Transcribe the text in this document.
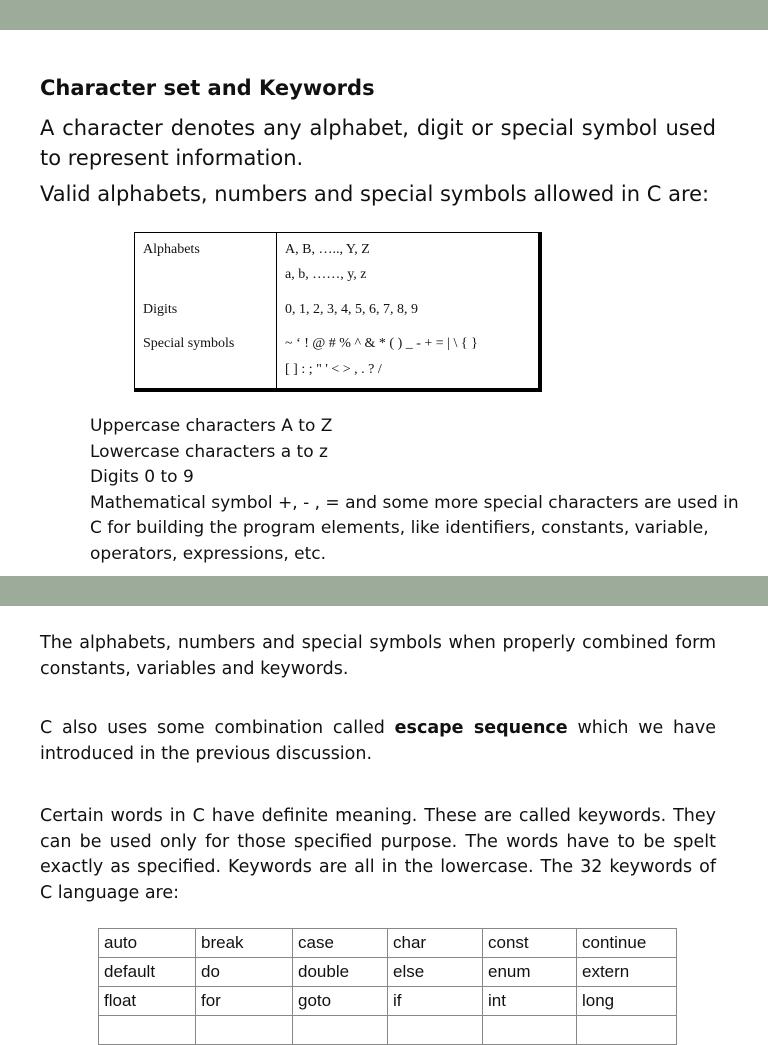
Character set and Keywords

A character denotes any alphabet, digit or special symbol used to represent information.

Valid alphabets, numbers and special symbols allowed in C are:

Alphabets	A, B, ….., Y, Z
a, b, ……, y, z
Digits	0, 1, 2, 3, 4, 5, 6, 7, 8, 9
Special symbols	~ ‘ ! @ # % ^ & * ( ) _ - + = | \ { }
[ ] : ; " ' < > , . ? /
Uppercase characters A to Z
Lowercase characters a to z
Digits 0 to 9
Mathematical symbol +, - , = and some more special characters are used in C for building the program elements, like identifiers, constants, variable, operators, expressions, etc.

The alphabets, numbers and special symbols when properly combined form constants, variables and keywords.

C also uses some combination called escape sequence which we have introduced in the previous discussion.

Certain words in C have definite meaning. These are called keywords. They can be used only for those specified purpose. The words have to be spelt exactly as specified. Keywords are all in the lowercase. The 32 keywords of C language are:

auto	break	case	char	const	continue
default	do	double	else	enum	extern
float	for	goto	if	int	long
